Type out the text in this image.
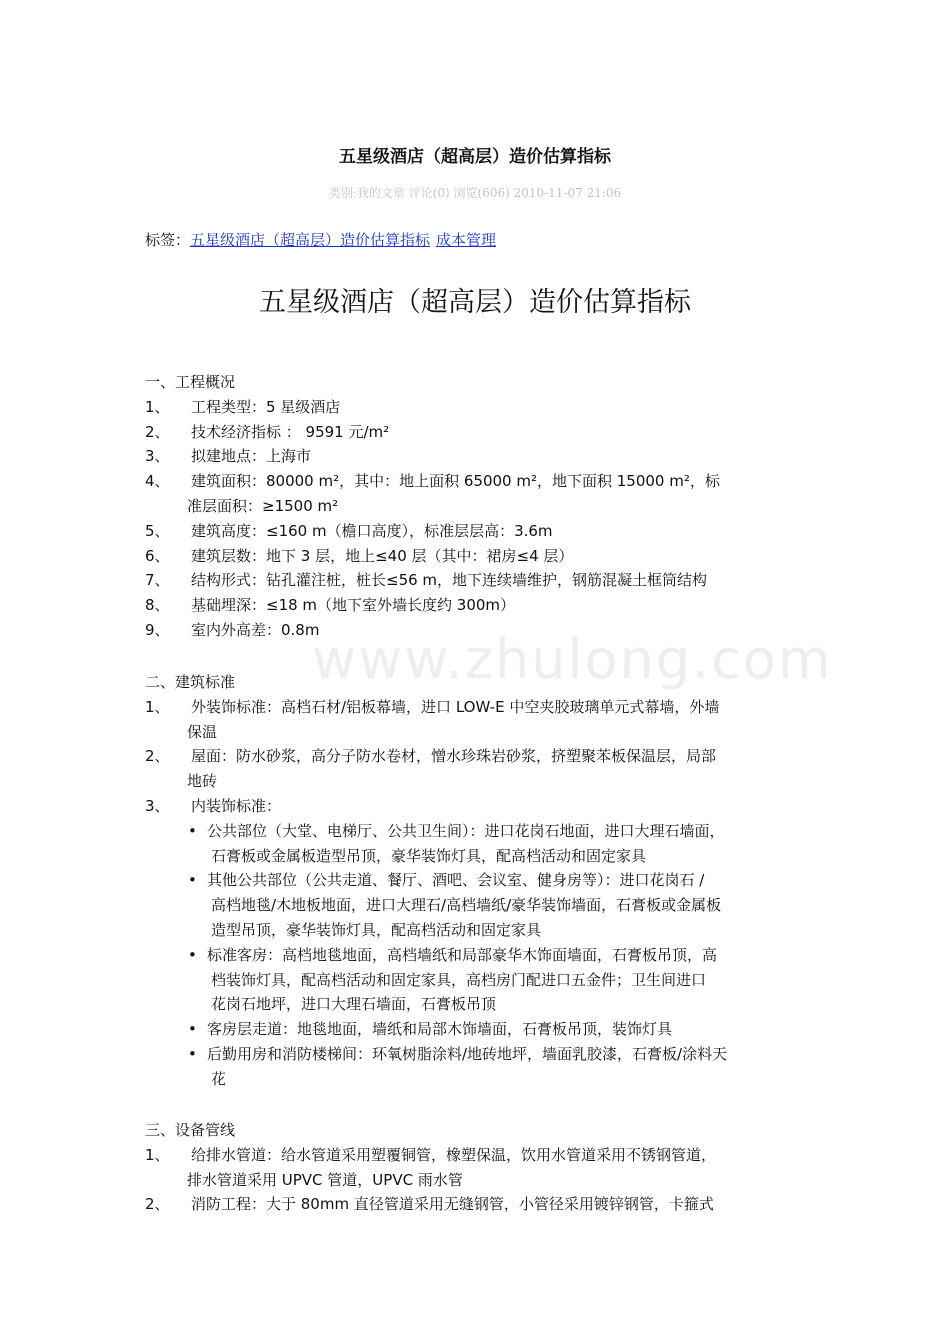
五星级酒店（超高层）造价估算指标
类别:我的文章 评论(0) 浏览(606) 2010-11-07 21:06
标签：五星级酒店（超高层）造价估算指标 成本管理
五星级酒店（超高层）造价估算指标
www.zhulong.com
一、工程概况
1、 工程类型：5 星级酒店
2、 技术经济指标 ： 9591 元/m²
3、 拟建地点：上海市
4、 建筑面积：80000 m²，其中：地上面积 65000 m²，地下面积 15000 m²，标
准层面积：≥1500 m²
5、 建筑高度：≤160 m（檐口高度），标准层层高：3.6m
6、 建筑层数：地下 3 层，地上≤40 层（其中：裙房≤4 层）
7、 结构形式：钻孔灌注桩，桩长≤56 m，地下连续墙维护，钢筋混凝土框筒结构
8、 基础埋深：≤18 m（地下室外墙长度约 300m）
9、 室内外高差：0.8m
二、建筑标准
1、 外装饰标准：高档石材/铝板幕墙，进口 LOW-E 中空夹胶玻璃单元式幕墙，外墙
保温
2、 屋面：防水砂浆，高分子防水卷材，憎水珍珠岩砂浆，挤塑聚苯板保温层，局部
地砖
3、 内装饰标准：
• 公共部位（大堂、电梯厅、公共卫生间）：进口花岗石地面，进口大理石墙面，
石膏板或金属板造型吊顶，豪华装饰灯具，配高档活动和固定家具
• 其他公共部位（公共走道、餐厅、酒吧、会议室、健身房等）：进口花岗石 /
高档地毯/木地板地面，进口大理石/高档墙纸/豪华装饰墙面，石膏板或金属板
造型吊顶，豪华装饰灯具，配高档活动和固定家具
• 标准客房：高档地毯地面，高档墙纸和局部豪华木饰面墙面，石膏板吊顶，高
档装饰灯具，配高档活动和固定家具，高档房门配进口五金件；卫生间进口
花岗石地坪，进口大理石墙面，石膏板吊顶
• 客房层走道：地毯地面，墙纸和局部木饰墙面，石膏板吊顶，装饰灯具
• 后勤用房和消防楼梯间：环氧树脂涂料/地砖地坪，墙面乳胶漆，石膏板/涂料天
花
三、设备管线
1、 给排水管道：给水管道采用塑覆铜管，橡塑保温，饮用水管道采用不锈钢管道，
排水管道采用 UPVC 管道，UPVC 雨水管
2、 消防工程：大于 80mm 直径管道采用无缝钢管，小管径采用镀锌钢管，卡箍式
